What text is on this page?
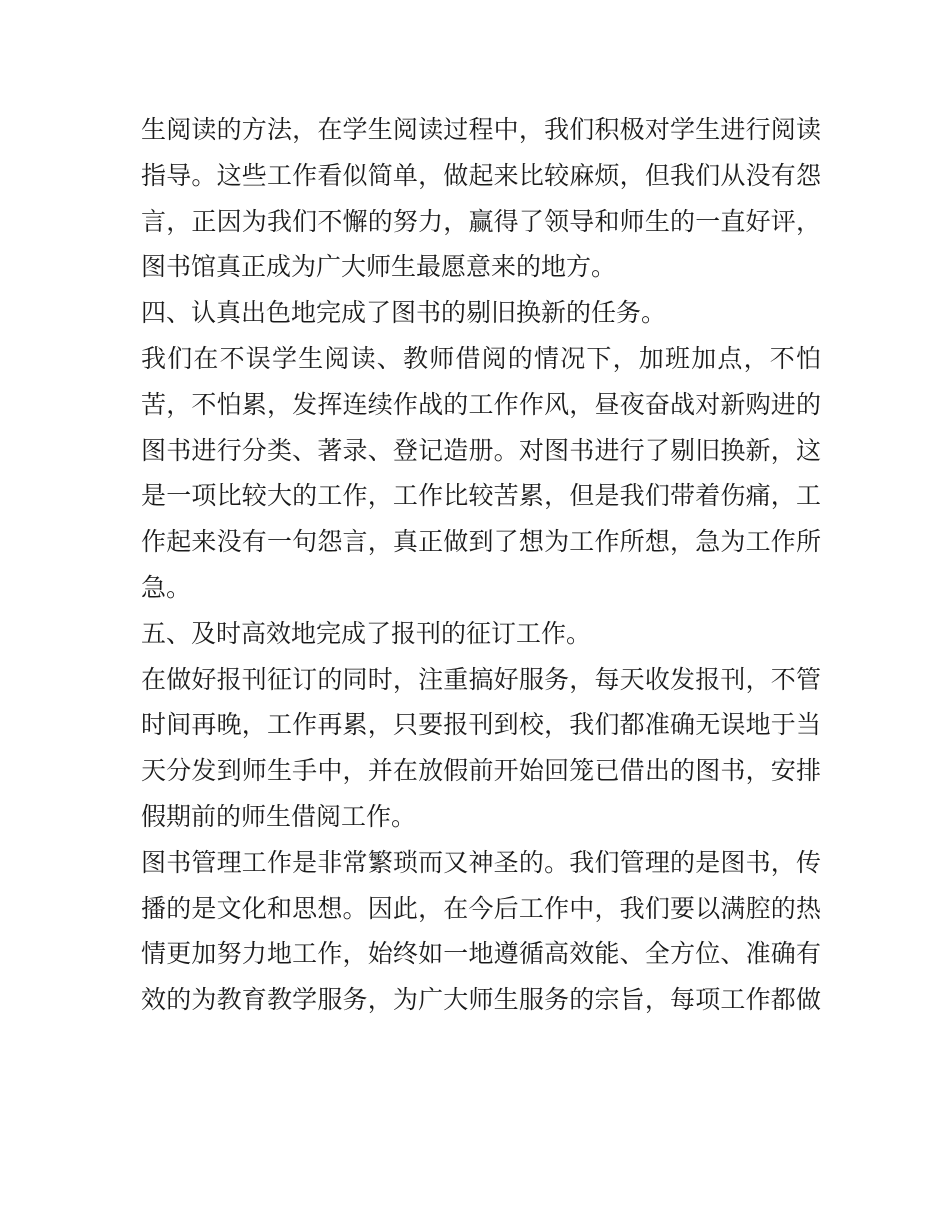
生阅读的方法，在学生阅读过程中，我们积极对学生进行阅读
指导。这些工作看似简单，做起来比较麻烦，但我们从没有怨
言，正因为我们不懈的努力，赢得了领导和师生的一直好评，
图书馆真正成为广大师生最愿意来的地方。
四、认真出色地完成了图书的剔旧换新的任务。
我们在不误学生阅读、教师借阅的情况下，加班加点，不怕
苦，不怕累，发挥连续作战的工作作风，昼夜奋战对新购进的
图书进行分类、著录、登记造册。对图书进行了剔旧换新，这
是一项比较大的工作，工作比较苦累，但是我们带着伤痛，工
作起来没有一句怨言，真正做到了想为工作所想，急为工作所
急。
五、及时高效地完成了报刊的征订工作。
在做好报刊征订的同时，注重搞好服务，每天收发报刊，不管
时间再晚，工作再累，只要报刊到校，我们都准确无误地于当
天分发到师生手中，并在放假前开始回笼已借出的图书，安排
假期前的师生借阅工作。
图书管理工作是非常繁琐而又神圣的。我们管理的是图书，传
播的是文化和思想。因此，在今后工作中，我们要以满腔的热
情更加努力地工作，始终如一地遵循高效能、全方位、准确有
效的为教育教学服务，为广大师生服务的宗旨，每项工作都做
